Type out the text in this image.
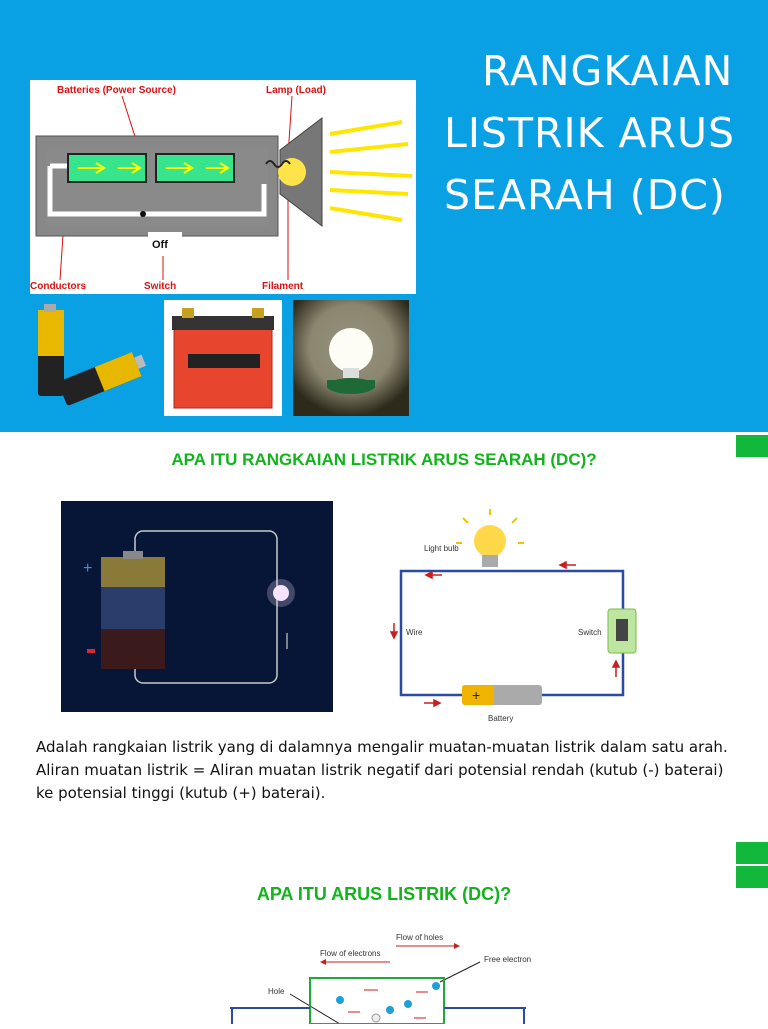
RANGKAIAN
LISTRIK ARUS
SEARAH (DC)
Batteries (Power Source)	Lamp (Load)
Conductors	Switch	Filament
Off
APA ITU RANGKAIAN LISTRIK ARUS SEARAH (DC)?
+
Light bulb
Wire	Switch
Battery
+

Adalah rangkaian listrik yang di dalamnya mengalir muatan-muatan listrik dalam satu arah.

Aliran muatan listrik = Aliran muatan listrik negatif dari potensial rendah (kutub (-) baterai) ke potensial tinggi (kutub (+) baterai).

APA ITU ARUS LISTRIK (DC)?
Flow of holes
Flow of electrons
Free electron
Hole
